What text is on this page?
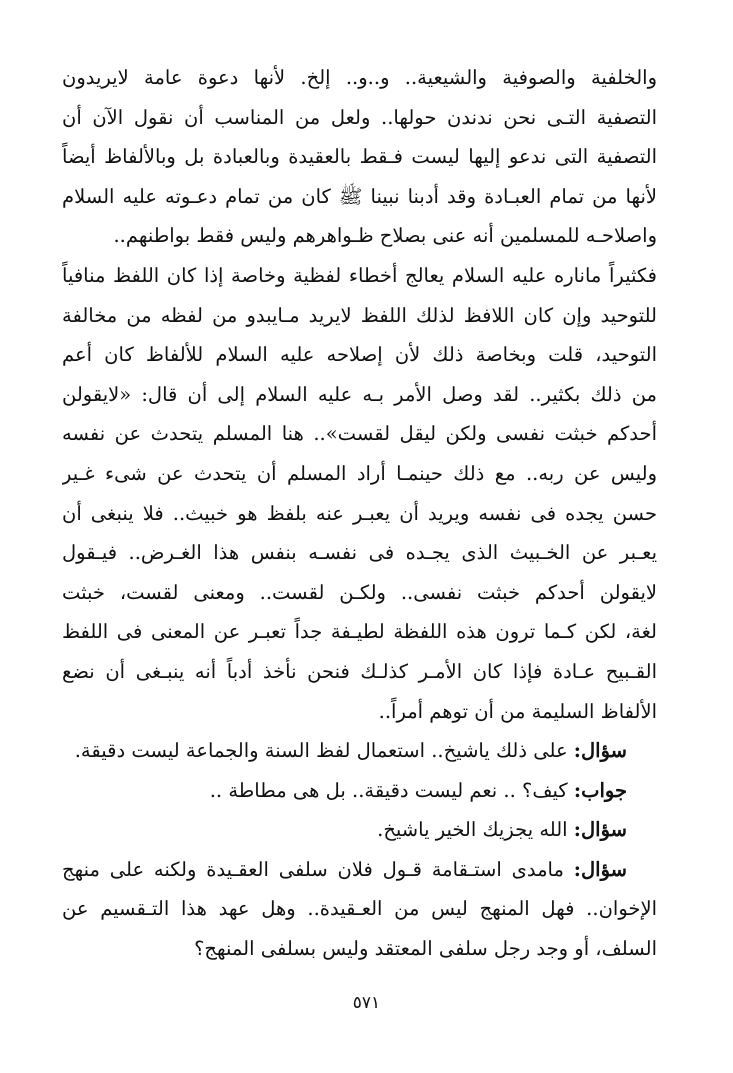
والخلفية والصوفية والشيعية.. و..و.. إلخ. لأنها دعوة عامة لايريدون
التصفية التـى نحن ندندن حولها.. ولعل من المناسب أن نقول الآن أن
التصفية التى ندعو إليها ليست فـقط بالعقيدة وبالعبادة بل وبالألفاظ أيضاً
لأنها من تمام العبـادة وقد أدبنا نبينا ﷺ كان من تمام دعـوته عليه السلام
واصلاحـه للمسلمين أنه عنى بصلاح ظـواهرهم وليس فقط بواطنهم..
فكثيراً ماناره عليه السلام يعالج أخطاء لفظية وخاصة إذا كان اللفظ منافياً
للتوحيد وإن كان اللافظ لذلك اللفظ لايريد مـايبدو من لفظه من مخالفة
التوحيد، قلت وبخاصة ذلك لأن إصلاحه عليه السلام للألفاظ كان أعم
من ذلك بكثير.. لقد وصل الأمر بـه عليه السلام إلى أن قال: «لايقولن
أحدكم خبثت نفسى ولكن ليقل لقست».. هنا المسلم يتحدث عن نفسه
وليس عن ربه.. مع ذلك حينمـا أراد المسلم أن يتحدث عن شىء غـير
حسن يجده فى نفسه ويريد أن يعبـر عنه بلفظ هو خبيث.. فلا ينبغى أن
يعـبر عن الخـبيث الذى يجـده فى نفسـه بنفس هذا الغـرض.. فيـقول
لايقولن أحدكم خبثت نفسى.. ولكـن لقست.. ومعنى لقست، خبثت
لغة، لكن كـما ترون هذه اللفظة لطيـفة جداً تعبـر عن المعنى فى اللفظ
القـبيح عـادة فإذا كان الأمـر كذلـك فنحن نأخذ أدباً أنه ينبـغى أن نضع
الألفاظ السليمة من أن توهم أمراً..
سؤال: على ذلك ياشيخ.. استعمال لفظ السنة والجماعة ليست دقيقة.
جواب: كيف؟ .. نعم ليست دقيقة.. بل هى مطاطة ..
سؤال: الله يجزيك الخير ياشيخ.
سؤال: مامدى استـقامة قـول فلان سلفى العقـيدة ولكنه على منهج
الإخوان.. فهل المنهج ليس من العـقيدة.. وهل عهد هذا التـقسيم عن
السلف، أو وجد رجل سلفى المعتقد وليس بسلفى المنهج؟
٥٧١
